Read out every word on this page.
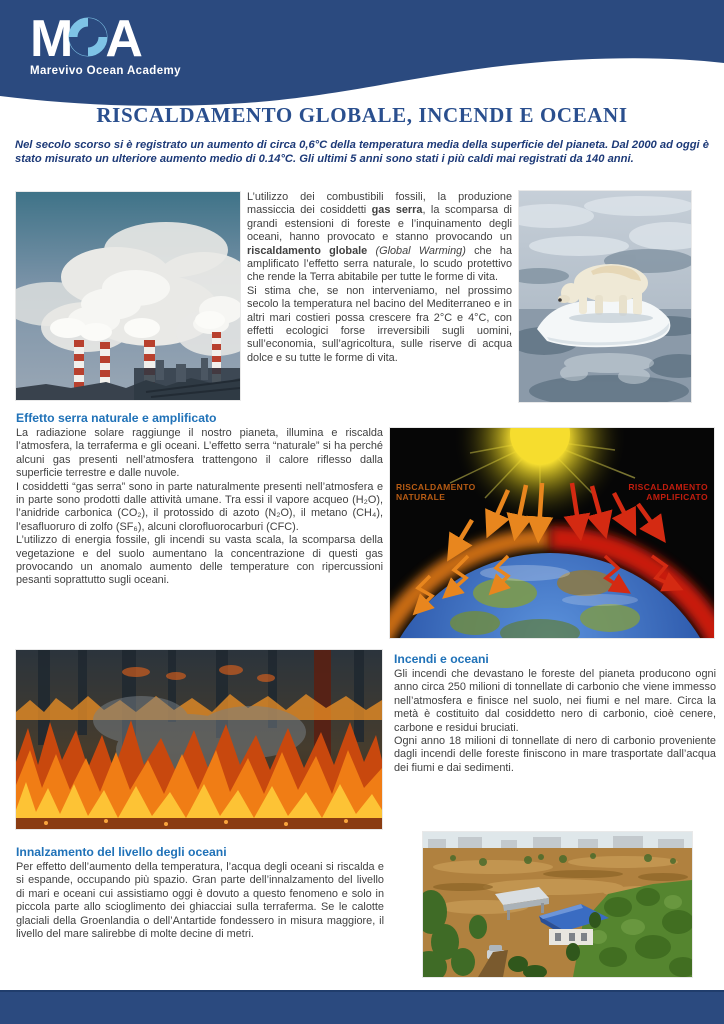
M A
Marevivo Ocean Academy
RISCALDAMENTO GLOBALE, INCENDI E OCEANI
Nel secolo scorso si è registrato un aumento di circa 0,6°C della temperatura media della superficie del pianeta. Dal 2000 ad oggi è stato misurato un ulteriore aumento medio di 0.14°C. Gli ultimi 5 anni sono stati i più caldi mai registrati da 140 anni.

L’utilizzo dei combustibili fossili, la produzione massiccia dei cosiddetti gas serra, la scomparsa di grandi estensioni di foreste e l’inquinamento degli oceani, hanno provocato e stanno provocando un riscaldamento globale (Global Warming) che ha amplificato l’effetto serra naturale, lo scudo protettivo che rende la Terra abitabile per tutte le forme di vita.

Si stima che, se non interveniamo, nel prossimo secolo la temperatura nel bacino del Mediterraneo e in altri mari costieri possa crescere fra 2°C e 4°C, con effetti ecologici forse irreversibili sugli uomini, sull’economia, sull’agricoltura, sulle riserve di acqua dolce e su tutte le forme di vita.

Effetto serra naturale e amplificato

La radiazione solare raggiunge il nostro pianeta, illumina e riscalda l’atmosfera, la terraferma e gli oceani. L’effetto serra “naturale” si ha perché alcuni gas presenti nell’atmosfera trattengono il calore riflesso dalla superficie terrestre e dalle nuvole.

I cosiddetti “gas serra” sono in parte naturalmente presenti nell’atmosfera e in parte sono prodotti dalle attività umane. Tra essi il vapore acqueo (H₂O), l’anidride carbonica (CO₂), il protossido di azoto (N₂O), il metano (CH₄), l’esafluoruro di zolfo (SF₆), alcuni clorofluorocarburi (CFC).

L’utilizzo di energia fossile, gli incendi su vasta scala, la scomparsa della vegetazione e del suolo aumentano la concentrazione di questi gas provocando un anomalo aumento delle temperature con ripercussioni pesanti soprattutto sugli oceani.

RISCALDAMENTO
NATURALE
RISCALDAMENTO
AMPLIFICATO
Incendi e oceani

Gli incendi che devastano le foreste del pianeta producono ogni anno circa 250 milioni di tonnellate di carbonio che viene immesso nell’atmosfera e finisce nel suolo, nei fiumi e nel mare. Circa la metà è costituito dal cosiddetto nero di carbonio, cioè cenere, carbone e residui bruciati.

Ogni anno 18 milioni di tonnellate di nero di carbonio proveniente dagli incendi delle foreste finiscono in mare trasportate dall’acqua dei fiumi e dai sedimenti.

Innalzamento del livello degli oceani

Per effetto dell’aumento della temperatura, l’acqua degli oceani si riscalda e si espande, occupando più spazio. Gran parte dell’innalzamento del livello di mari e oceani cui assistiamo oggi è dovuto a questo fenomeno e solo in piccola parte allo scioglimento dei ghiacciai sulla terraferma. Se le calotte glaciali della Groenlandia o dell’Antartide fondessero in misura maggiore, il livello del mare salirebbe di molte decine di metri.
